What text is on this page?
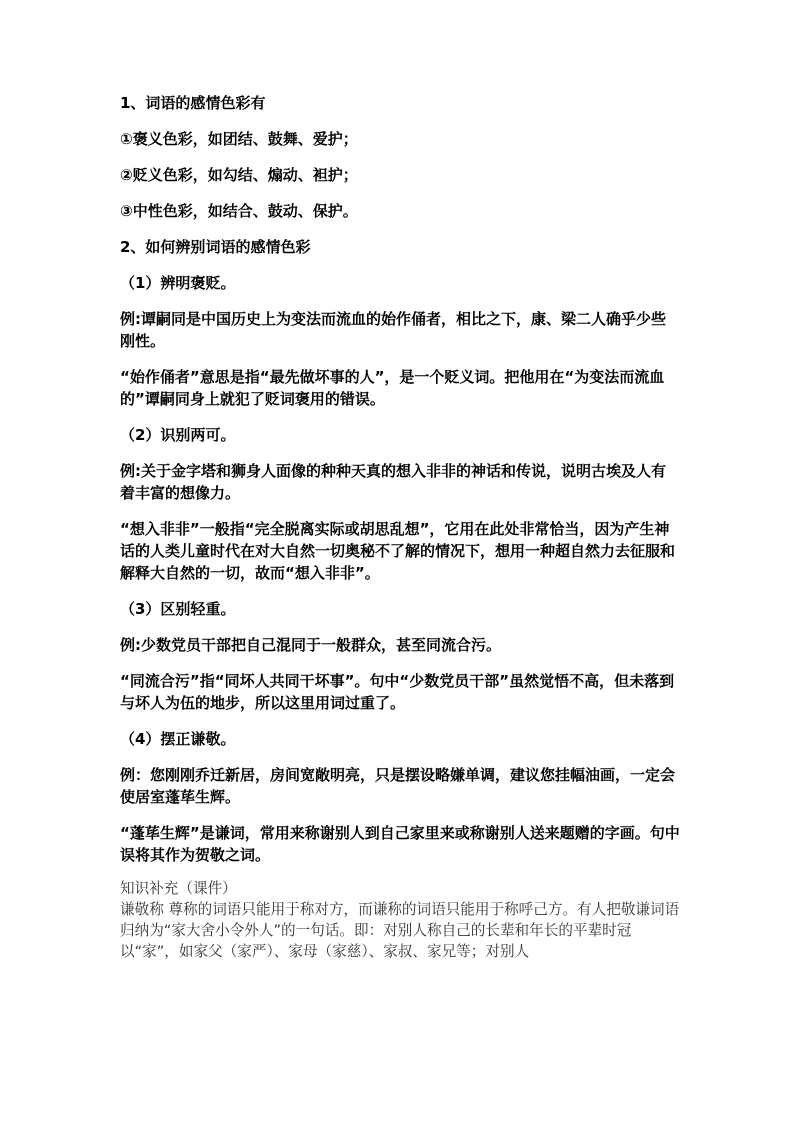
1、词语的感情色彩有

①褒义色彩，如团结、鼓舞、爱护；

②贬义色彩，如勾结、煽动、袒护；

③中性色彩，如结合、鼓动、保护。

2、如何辨别词语的感情色彩

（1）辨明褒贬。

例:谭嗣同是中国历史上为变法而流血的始作俑者，相比之下，康、梁二人确乎少些刚性。

“始作俑者”意思是指“最先做坏事的人”，是一个贬义词。把他用在“为变法而流血的”谭嗣同身上就犯了贬词褒用的错误。

（2）识别两可。

例:关于金字塔和狮身人面像的种种天真的想入非非的神话和传说，说明古埃及人有着丰富的想像力。

“想入非非”一般指“完全脱离实际或胡思乱想”，它用在此处非常恰当，因为产生神话的人类儿童时代在对大自然一切奥秘不了解的情况下，想用一种超自然力去征服和解释大自然的一切，故而“想入非非”。

（3）区别轻重。

例:少数党员干部把自己混同于一般群众，甚至同流合污。

“同流合污”指“同坏人共同干坏事”。句中“少数党员干部”虽然觉悟不高，但未落到与坏人为伍的地步，所以这里用词过重了。

（4）摆正谦敬。

例：您刚刚乔迁新居，房间宽敞明亮，只是摆设略嫌单调，建议您挂幅油画，一定会使居室蓬荜生辉。

“蓬荜生辉”是谦词，常用来称谢别人到自己家里来或称谢别人送来题赠的字画。句中误将其作为贺敬之词。

知识补充（课件）

谦敬称 尊称的词语只能用于称对方，而谦称的词语只能用于称呼己方。有人把敬谦词语归纳为“家大舍小令外人”的一句话。即：对别人称自己的长辈和年长的平辈时冠以“家”，如家父（家严）、家母（家慈）、家叔、家兄等；对别人
